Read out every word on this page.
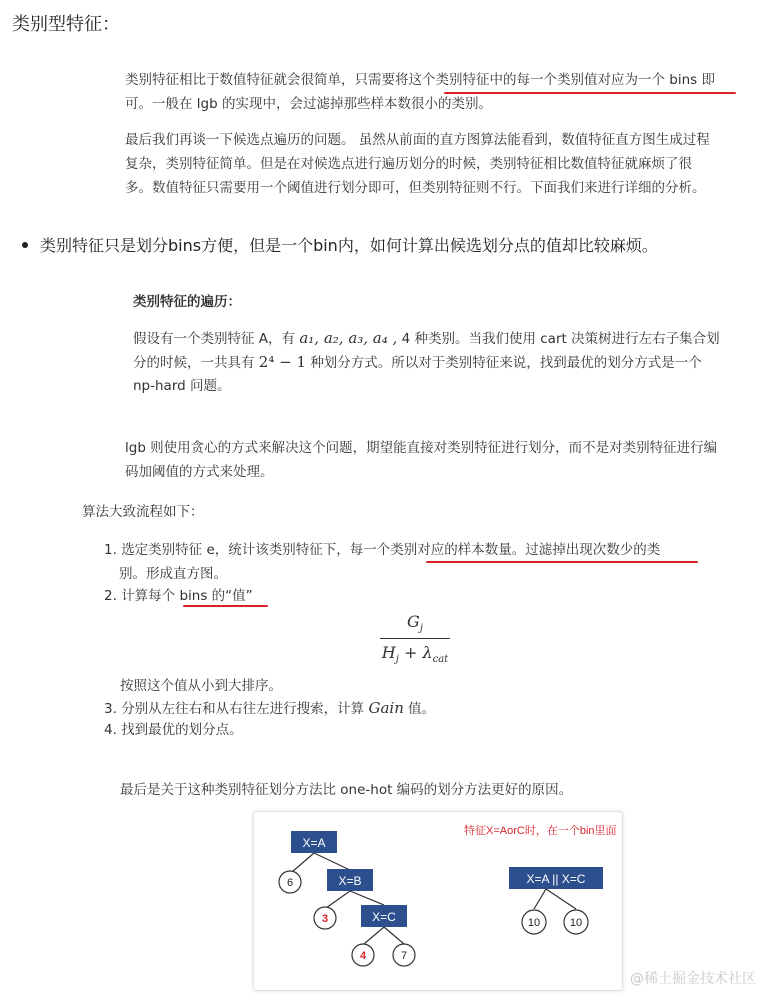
类别型特征：
类别特征相比于数值特征就会很简单，只需要将这个类别特征中的每一个类别值对应为一个 bins 即
可。一般在 lgb 的实现中，会过滤掉那些样本数很小的类别。
最后我们再谈一下候选点遍历的问题。 虽然从前面的直方图算法能看到，数值特征直方图生成过程
复杂，类别特征简单。但是在对候选点进行遍历划分的时候，类别特征相比数值特征就麻烦了很
多。数值特征只需要用一个阈值进行划分即可，但类别特征则不行。下面我们来进行详细的分析。
类别特征只是划分bins方便，但是一个bin内，如何计算出候选划分点的值却比较麻烦。
类别特征的遍历：
假设有一个类别特征 A，有 a₁, a₂, a₃, a₄ , 4 种类别。当我们使用 cart 决策树进行左右子集合划
分的时候，一共具有 2⁴ − 1 种划分方式。所以对于类别特征来说，找到最优的划分方式是一个
np-hard 问题。
lgb 则使用贪心的方式来解决这个问题，期望能直接对类别特征进行划分，而不是对类别特征进行编
码加阈值的方式来处理。
算法大致流程如下：
1. 选定类别特征 e，统计该类别特征下，每一个类别对应的样本数量。过滤掉出现次数少的类
别。形成直方图。
2. 计算每个 bins 的“值”
$G_j$
$H_j + \lambda_{cat}$
按照这个值从小到大排序。
3. 分别从左往右和从右往左进行搜索，计算 Gain 值。
4. 找到最优的划分点。
最后是关于这种类别特征划分方法比 one-hot 编码的划分方法更好的原因。
X=A
X=B
X=C
X=A || X=C
6
3
4	7
10	10
特征X=AorC时，在一个bin里面
@稀土掘金技术社区
